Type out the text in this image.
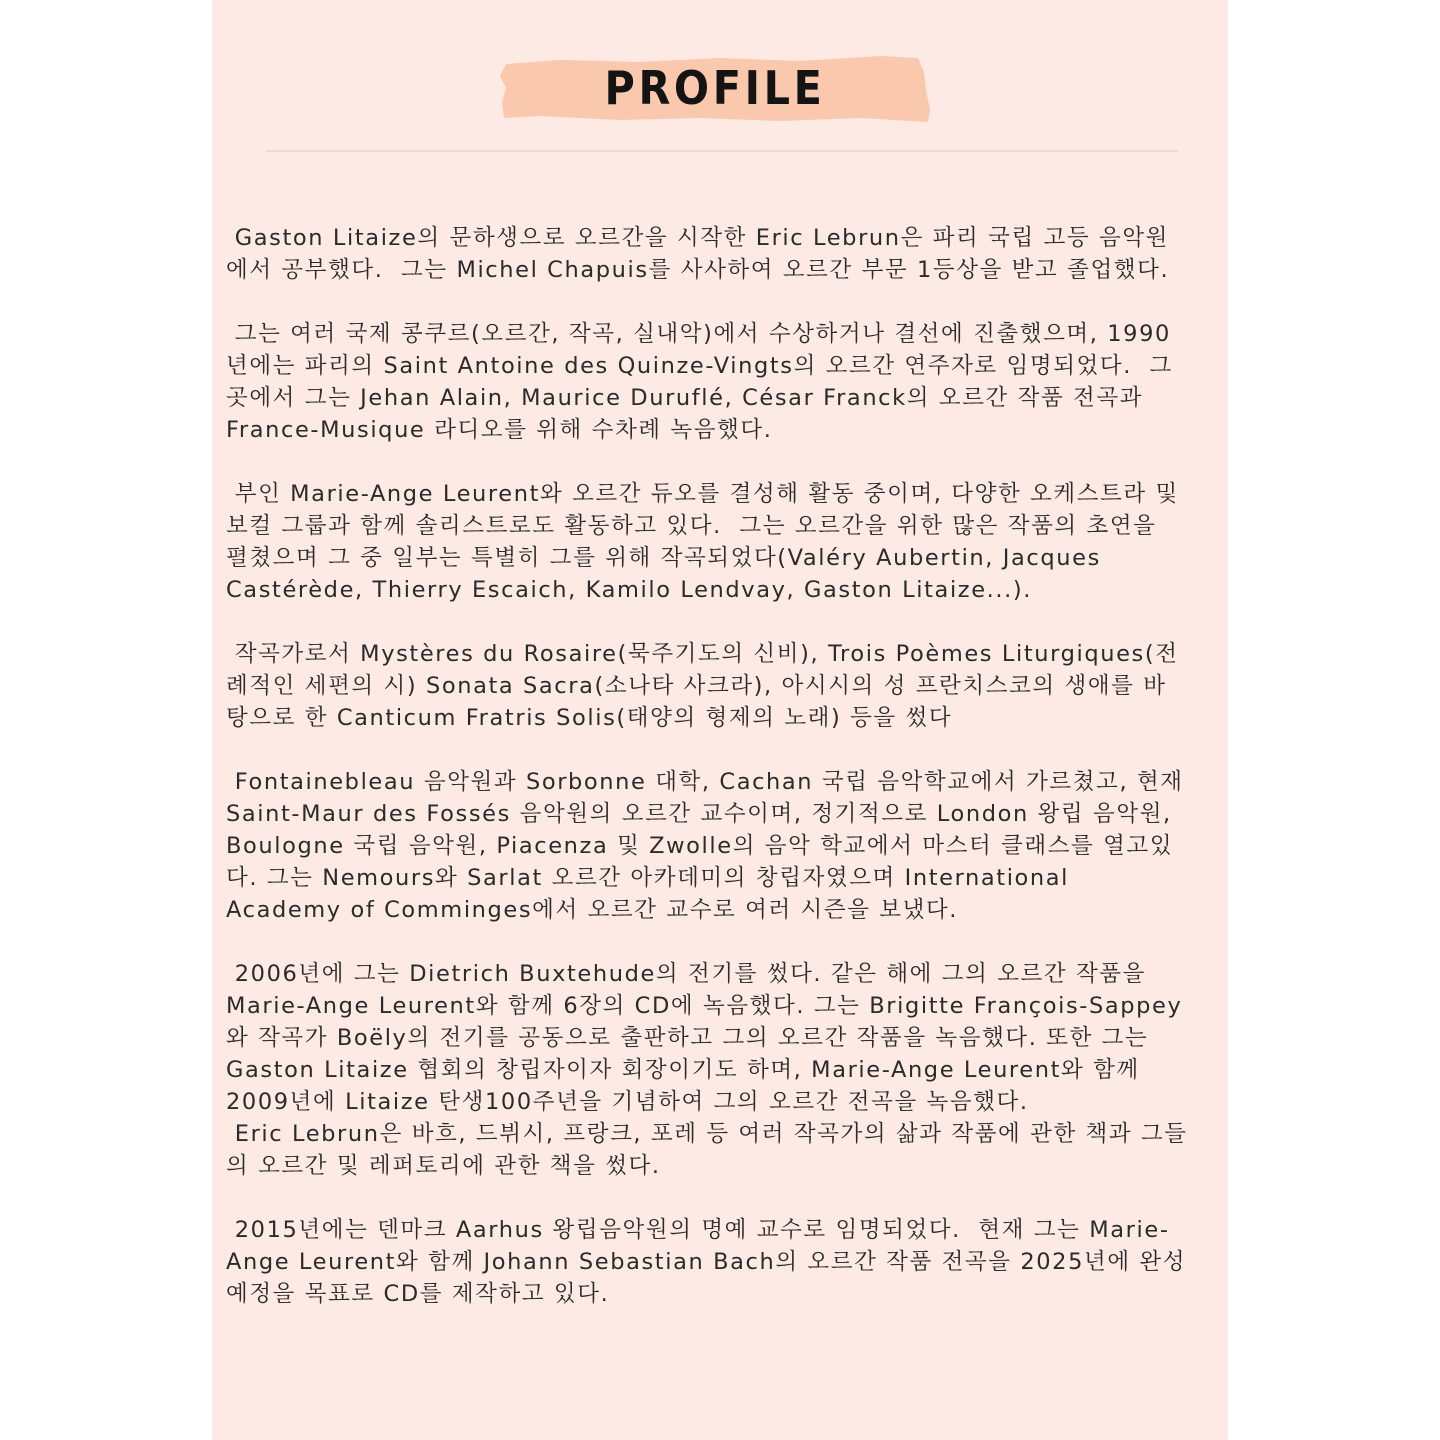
PROFILE
Gaston Litaize의 문하생으로 오르간을 시작한 Eric Lebrun은 파리 국립 고등 음악원
에서 공부했다.  그는 Michel Chapuis를 사사하여 오르간 부문 1등상을 받고 졸업했다.
그는 여러 국제 콩쿠르(오르간, 작곡, 실내악)에서 수상하거나 결선에 진출했으며, 1990
년에는 파리의 Saint Antoine des Quinze-Vingts의 오르간 연주자로 임명되었다.  그
곳에서 그는 Jehan Alain, Maurice Duruflé, César Franck의 오르간 작품 전곡과
France-Musique 라디오를 위해 수차례 녹음했다.
부인 Marie-Ange Leurent와 오르간 듀오를 결성해 활동 중이며, 다양한 오케스트라 및
보컬 그룹과 함께 솔리스트로도 활동하고 있다.  그는 오르간을 위한 많은 작품의 초연을
펼쳤으며 그 중 일부는 특별히 그를 위해 작곡되었다(Valéry Aubertin, Jacques
Castérède, Thierry Escaich, Kamilo Lendvay, Gaston Litaize...).
작곡가로서 Mystères du Rosaire(묵주기도의 신비), Trois Poèmes Liturgiques(전
례적인 세편의 시) Sonata Sacra(소나타 사크라), 아시시의 성 프란치스코의 생애를 바
탕으로 한 Canticum Fratris Solis(태양의 형제의 노래) 등을 썼다
Fontainebleau 음악원과 Sorbonne 대학, Cachan 국립 음악학교에서 가르쳤고, 현재
Saint-Maur des Fossés 음악원의 오르간 교수이며, 정기적으로 London 왕립 음악원,
Boulogne 국립 음악원, Piacenza 및 Zwolle의 음악 학교에서 마스터 클래스를 열고있
다. 그는 Nemours와 Sarlat 오르간 아카데미의 창립자였으며 International
Academy of Comminges에서 오르간 교수로 여러 시즌을 보냈다.
2006년에 그는 Dietrich Buxtehude의 전기를 썼다. 같은 해에 그의 오르간 작품을
Marie-Ange Leurent와 함께 6장의 CD에 녹음했다. 그는 Brigitte François-Sappey
와 작곡가 Boëly의 전기를 공동으로 출판하고 그의 오르간 작품을 녹음했다. 또한 그는
Gaston Litaize 협회의 창립자이자 회장이기도 하며, Marie-Ange Leurent와 함께
2009년에 Litaize 탄생100주년을 기념하여 그의 오르간 전곡을 녹음했다.
Eric Lebrun은 바흐, 드뷔시, 프랑크, 포레 등 여러 작곡가의 삶과 작품에 관한 책과 그들
의 오르간 및 레퍼토리에 관한 책을 썼다.
2015년에는 덴마크 Aarhus 왕립음악원의 명예 교수로 임명되었다.  현재 그는 Marie-
Ange Leurent와 함께 Johann Sebastian Bach의 오르간 작품 전곡을 2025년에 완성
예정을 목표로 CD를 제작하고 있다.
